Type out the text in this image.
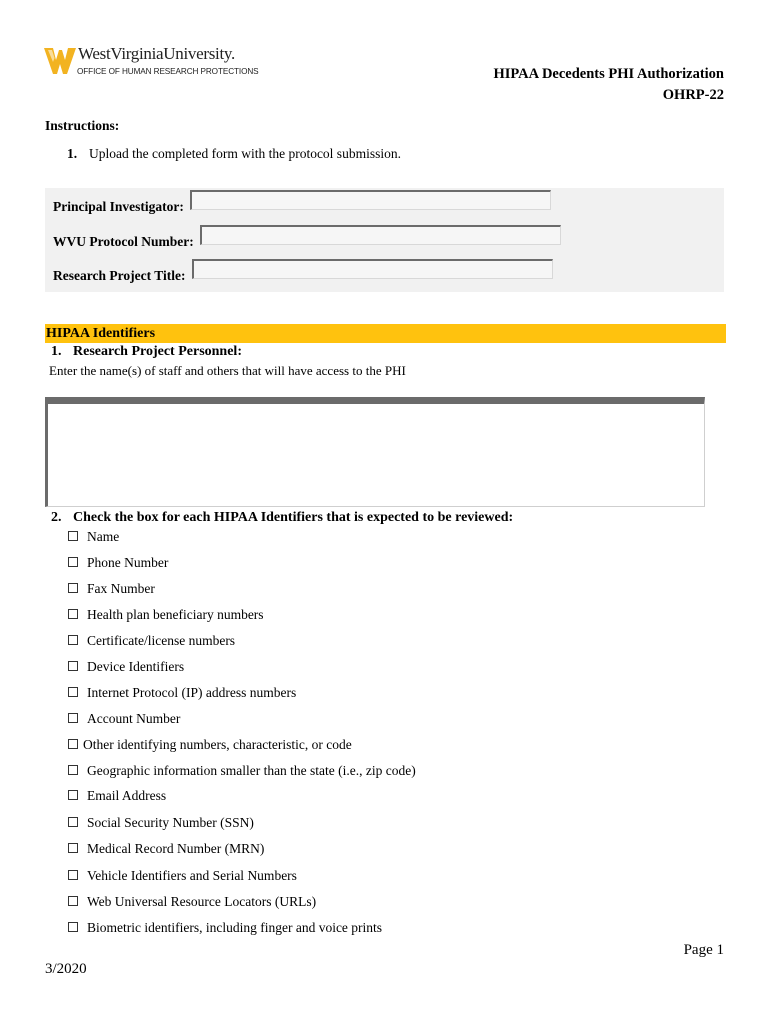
WestVirginiaUniversity.
OFFICE OF HUMAN RESEARCH PROTECTIONS	HIPAA Decedents PHI Authorization
OHRP-22
Instructions:
1. Upload the completed form with the protocol submission.
Principal Investigator:
WVU Protocol Number:
Research Project Title:
HIPAA Identifiers
1. Research Project Personnel:
Enter the name(s) of staff and others that will have access to the PHI
2. Check the box for each HIPAA Identifiers that is expected to be reviewed:
Name
Phone Number
Fax Number
Health plan beneficiary numbers
Certificate/license numbers
Device Identifiers
Internet Protocol (IP) address numbers
Account Number
Other identifying numbers, characteristic, or code
Geographic information smaller than the state (i.e., zip code)
Email Address
Social Security Number (SSN)
Medical Record Number (MRN)
Vehicle Identifiers and Serial Numbers
Web Universal Resource Locators (URLs)
Biometric identifiers, including finger and voice prints
Page 1
3/2020
